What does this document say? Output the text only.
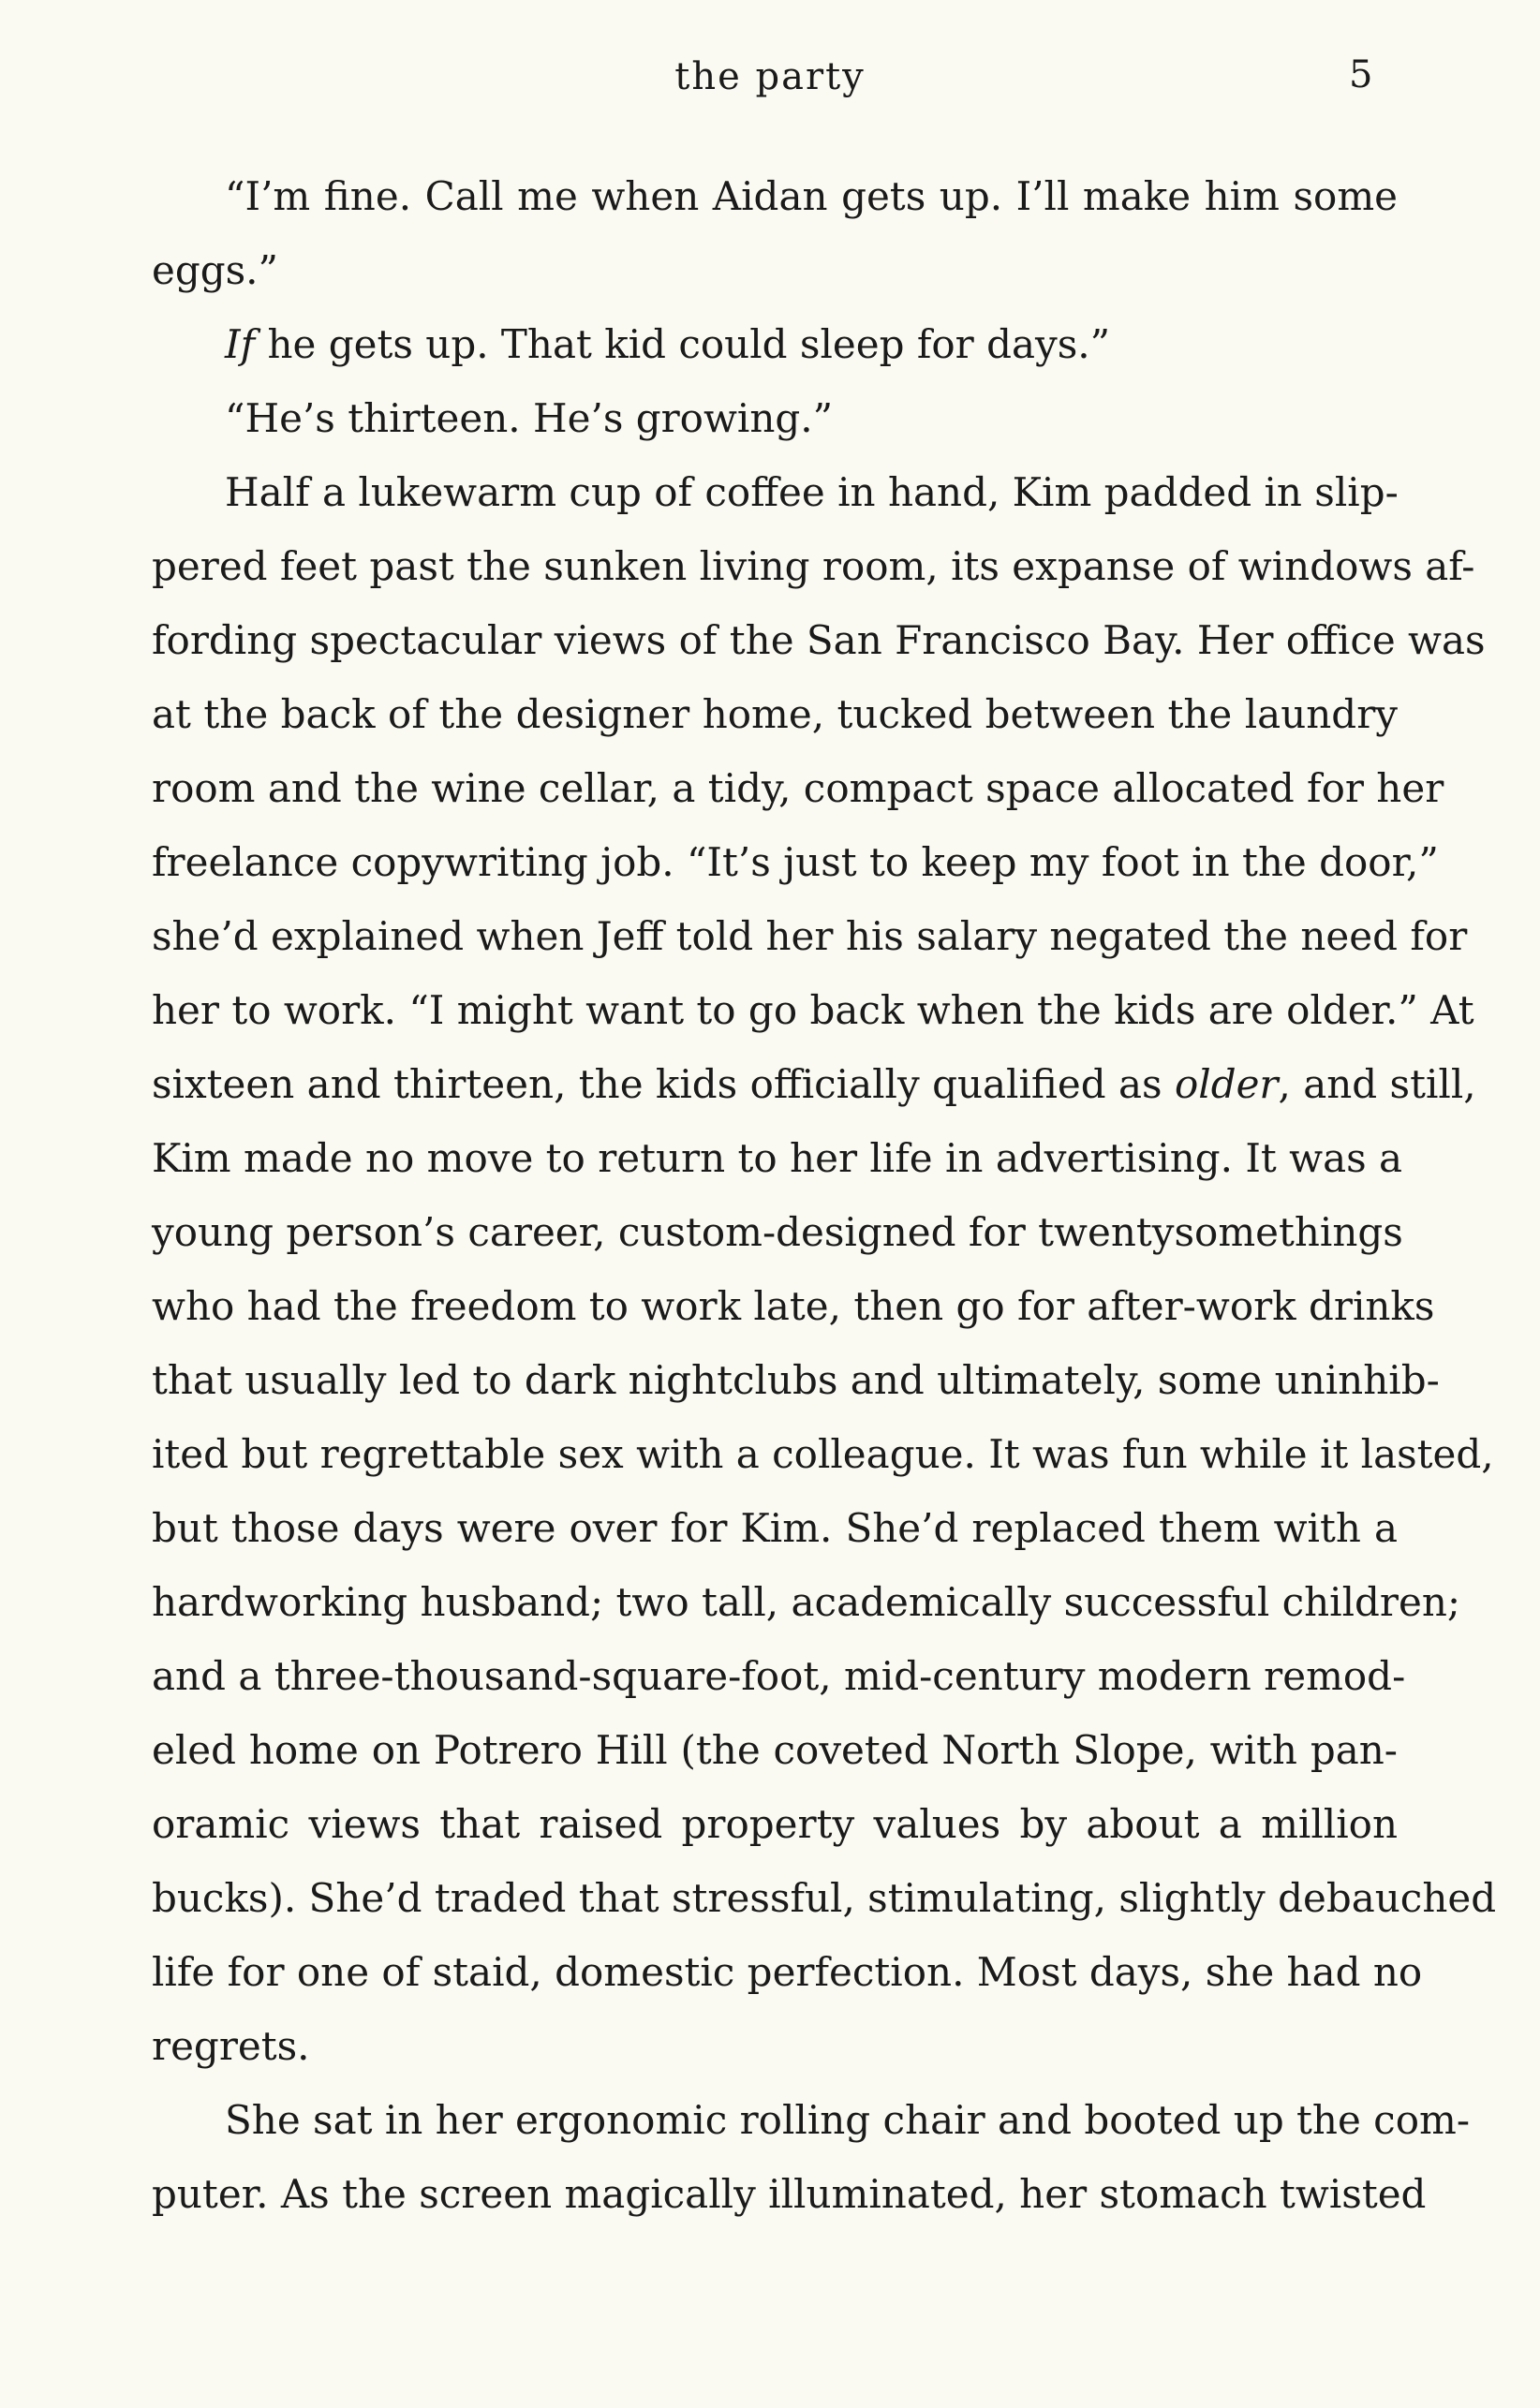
the party	5
“I’m fine. Call me when Aidan gets up. I’ll make him some
eggs.”
If he gets up. That kid could sleep for days.”
“He’s thirteen. He’s growing.”
Half a lukewarm cup of coffee in hand, Kim padded in slip-
pered feet past the sunken living room, its expanse of windows af-
fording spectacular views of the San Francisco Bay. Her office was
at the back of the designer home, tucked between the laundry
room and the wine cellar, a tidy, compact space allocated for her
freelance copywriting job. “It’s just to keep my foot in the door,”
she’d explained when Jeff told her his salary negated the need for
her to work. “I might want to go back when the kids are older.” At
sixteen and thirteen, the kids officially qualified as older, and still,
Kim made no move to return to her life in advertising. It was a
young person’s career, custom-designed for twentysomethings
who had the freedom to work late, then go for after-work drinks
that usually led to dark nightclubs and ultimately, some uninhib-
ited but regrettable sex with a colleague. It was fun while it lasted,
but those days were over for Kim. She’d replaced them with a
hardworking husband; two tall, academically successful children;
and a three-thousand-square-foot, mid-century modern remod-
eled home on Potrero Hill (the coveted North Slope, with pan-
oramic views that raised property values by about a million
bucks). She’d traded that stressful, stimulating, slightly debauched
life for one of staid, domestic perfection. Most days, she had no
regrets.
She sat in her ergonomic rolling chair and booted up the com-
puter. As the screen magically illuminated, her stomach twisted
